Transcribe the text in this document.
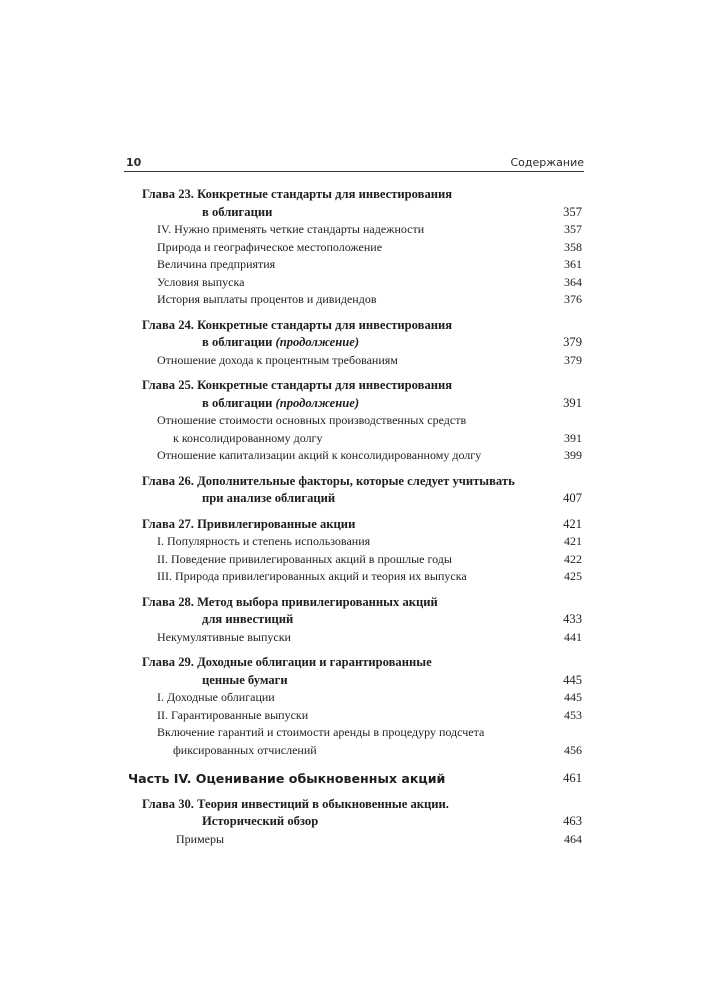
10	Содержание
Глава 23. Конкретные стандарты для инвестирования
в облигации	357
IV. Нужно применять четкие стандарты надежности	357
Природа и географическое местоположение	358
Величина предприятия	361
Условия выпуска	364
История выплаты процентов и дивидендов	376
Глава 24. Конкретные стандарты для инвестирования
в облигации (продолжение)	379
Отношение дохода к процентным требованиям	379
Глава 25. Конкретные стандарты для инвестирования
в облигации (продолжение)	391
Отношение стоимости основных производственных средств
к консолидированному долгу	391
Отношение капитализации акций к консолидированному долгу	399
Глава 26. Дополнительные факторы, которые следует учитывать
при анализе облигаций	407
Глава 27. Привилегированные акции	421
I. Популярность и степень использования	421
II. Поведение привилегированных акций в прошлые годы	422
III. Природа привилегированных акций и теория их выпуска	425
Глава 28. Метод выбора привилегированных акций
для инвестиций	433
Некумулятивные выпуски	441
Глава 29. Доходные облигации и гарантированные
ценные бумаги	445
I. Доходные облигации	445
II. Гарантированные выпуски	453
Включение гарантий и стоимости аренды в процедуру подсчета
фиксированных отчислений	456
Часть IV. Оценивание обыкновенных акций	461
Глава 30. Теория инвестиций в обыкновенные акции.
Исторический обзор	463
Примеры	464
